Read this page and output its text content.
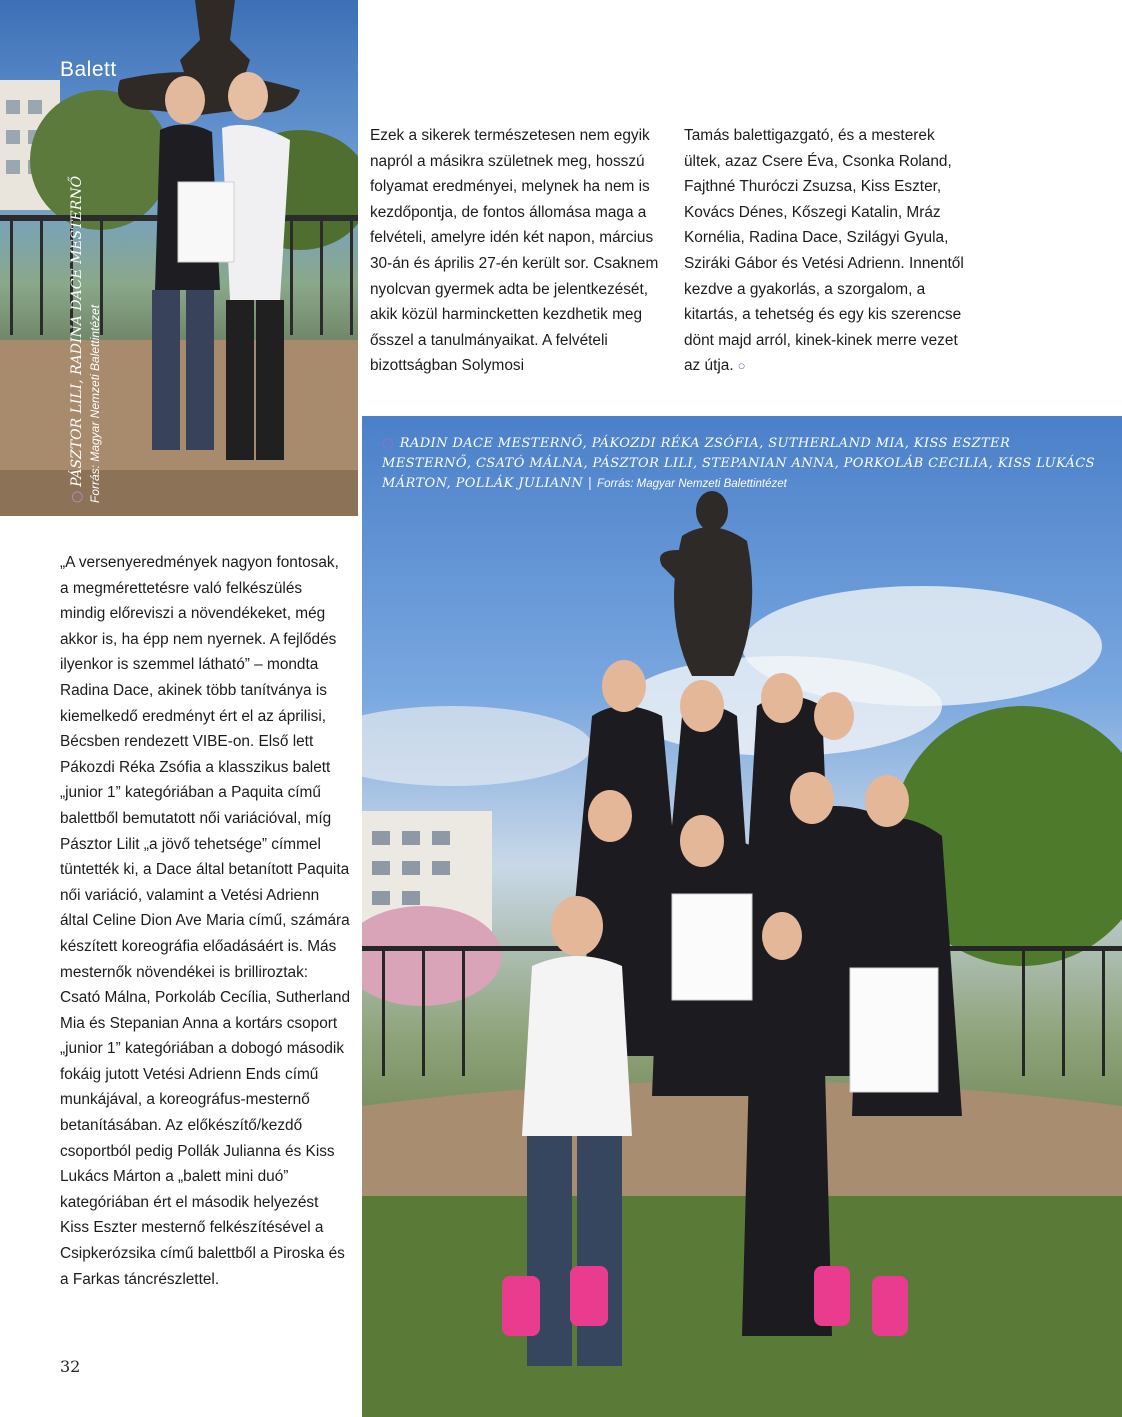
Balett
○PÁSZTOR LILI, RADINA DACE MESTERNŐ Forrás: Magyar Nemzeti Balettintézet

Ezek a sikerek természetesen nem egyik napról a másikra születnek meg, hosszú folyamat eredményei, melynek ha nem is kezdőpontja, de fontos állomása maga a felvételi, amelyre idén két napon, március 30-án és április 27-én került sor. Csaknem nyolcvan gyermek adta be jelentkezését, akik közül harmincketten kezdhetik meg ősszel a tanulmányaikat. A felvételi bizottságban Solymosi

Tamás balettigazgató, és a mesterek ültek, azaz Csere Éva, Csonka Roland, Fajthné Thuróczi Zsuzsa, Kiss Eszter, Kovács Dénes, Kőszegi Katalin, Mráz Kornélia, Radina Dace, Szilágyi Gyula, Sziráki Gábor és Vetési Adrienn. Innentől kezdve a gyakorlás, a szorgalom, a kitartás, a tehetség és egy kis szerencse dönt majd arról, kinek-kinek merre vezet az útja. ○

„A versenyeredmények nagyon fontosak, a megmérettetésre való felkészülés mindig előreviszi a növendékeket, még akkor is, ha épp nem nyernek. A fejlődés ilyenkor is szemmel látható” – mondta Radina Dace, akinek több tanítványa is kiemelkedő eredményt ért el az áprilisi, Bécsben rendezett VIBE-on. Első lett Pákozdi Réka Zsófia a klasszikus balett „junior 1” kategóriában a Paquita című balettből bemutatott női variációval, míg Pásztor Lilit „a jövő tehetsége” címmel tüntették ki, a Dace által betanított Paquita női variáció, valamint a Vetési Adrienn által Celine Dion Ave Maria című, számára készített koreográfia előadásáért is. Más mesternők növendékei is brilliroztak: Csató Málna, Porkoláb Cecília, Sutherland Mia és Stepanian Anna a kortárs csoport „junior 1” kategóriában a dobogó második fokáig jutott Vetési Adrienn Ends című munkájával, a koreográfus-mesternő betanításában. Az előkészítő/kezdő csoportból pedig Pollák Julianna és Kiss Lukács Márton a „balett mini duó” kategóriában ért el második helyezést Kiss Eszter mesternő felkészítésével a Csipkerózsika című balettből a Piroska és a Farkas táncrészlettel.

○ RADIN DACE MESTERNŐ, PÁKOZDI RÉKA ZSÓFIA, SUTHERLAND MIA, KISS ESZTER MESTERNŐ, CSATÓ MÁLNA, PÁSZTOR LILI, STEPANIAN ANNA, PORKOLÁB CECILIA, KISS LUKÁCS MÁRTON, POLLÁK JULIANN | Forrás: Magyar Nemzeti Balettintézet
32
